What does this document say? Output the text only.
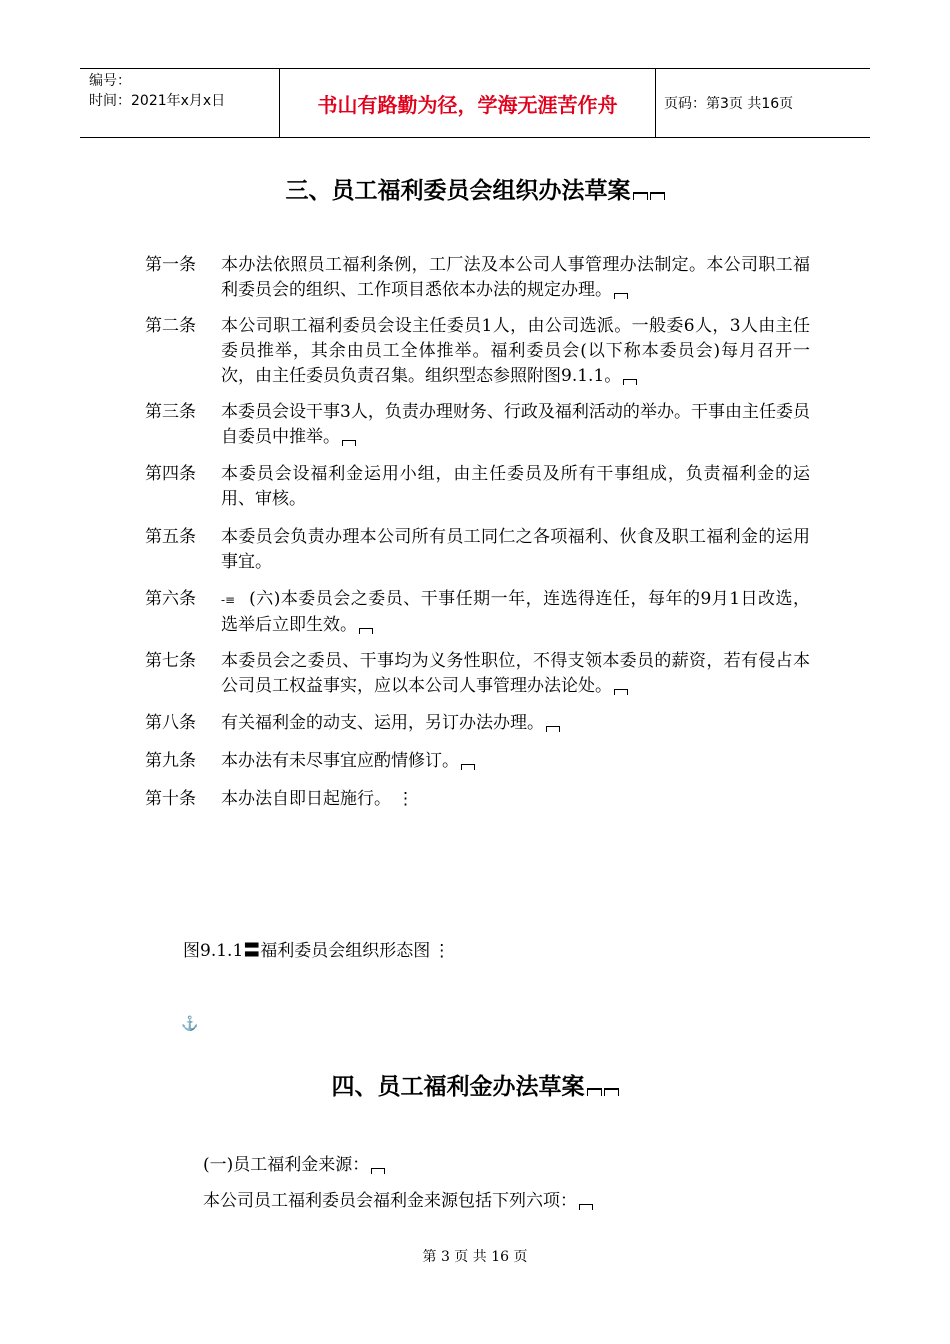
编号：
时间：2021年x月x日	书山有路勤为径，学海无涯苦作舟	页码：第3页 共16页
三、员工福利委员会组织办法草案
第一条	本办法依照员工福利条例，工厂法及本公司人事管理办法制定。本公司职工福利委员会的组织、工作项目悉依本办法的规定办理。
第二条	本公司职工福利委员会设主任委员1人，由公司选派。一般委6人，3人由主任委员推举，其余由员工全体推举。福利委员会(以下称本委员会)每月召开一次，由主任委员负责召集。组织型态参照附图9.1.1。
第三条	本委员会设干事3人，负责办理财务、行政及福利活动的举办。干事由主任委员自委员中推举。
第四条	本委员会设福利金运用小组，由主任委员及所有干事组成，负责福利金的运用、审核。
第五条	本委员会负责办理本公司所有员工同仁之各项福利、伙食及职工福利金的运用事宜。
第六条	-≡ (六)本委员会之委员、干事任期一年，连选得连任，每年的9月1日改选，选举后立即生效。
第七条	本委员会之委员、干事均为义务性职位，不得支领本委员的薪资，若有侵占本公司员工权益事实，应以本公司人事管理办法论处。
第八条	有关福利金的动支、运用，另订办法办理。
第九条	本办法有未尽事宜应酌情修订。
第十条	本办法自即日起施行。 ⋮
图9.1.1〓福利委员会组织形态图 ⋮
⚓
四、员工福利金办法草案
(一)员工福利金来源：
本公司员工福利委员会福利金来源包括下列六项：
第 3 页 共 16 页
